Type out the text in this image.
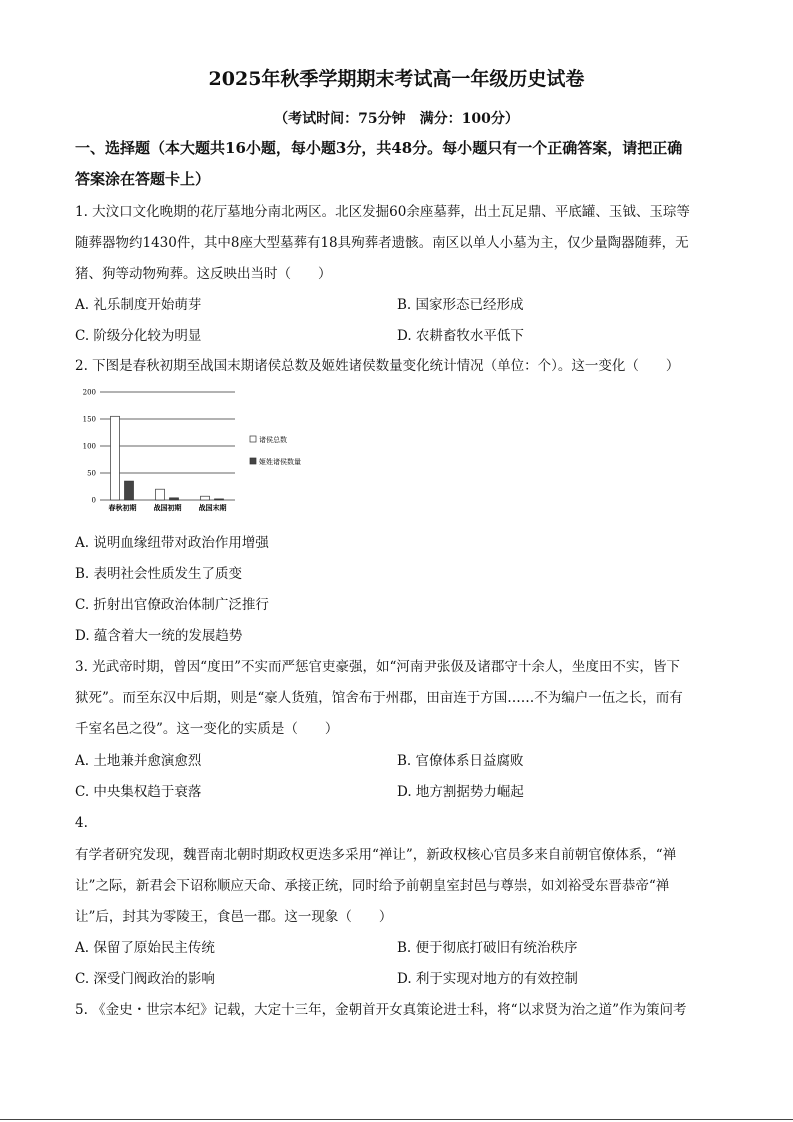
2025年秋季学期期末考试高一年级历史试卷
（考试时间：75分钟　满分：100分）
一、选择题（本大题共16小题，每小题3分，共48分。每小题只有一个正确答案，请把正确
答案涂在答题卡上）
1. 大汶口文化晚期的花厅墓地分南北两区。北区发掘60余座墓葬，出土瓦足鼎、平底罐、玉钺、玉琮等
随葬器物约1430件，其中8座大型墓葬有18具殉葬者遗骸。南区以单人小墓为主，仅少量陶器随葬，无
猪、狗等动物殉葬。这反映出当时（　　）
A. 礼乐制度开始萌芽	B. 国家形态已经形成
C. 阶级分化较为明显	D. 农耕畜牧水平低下
2. 下图是春秋初期至战国末期诸侯总数及姬姓诸侯数量变化统计情况（单位：个）。这一变化（　　）
0
50
100
150
200
春秋初期 战国初期 战国末期
诸侯总数
姬姓诸侯数量
A. 说明血缘纽带对政治作用增强
B. 表明社会性质发生了质变
C. 折射出官僚政治体制广泛推行
D. 蕴含着大一统的发展趋势
3. 光武帝时期，曾因“度田”不实而严惩官吏豪强，如“河南尹张伋及诸郡守十余人，坐度田不实，皆下
狱死”。而至东汉中后期，则是“豪人货殖，馆舍布于州郡，田亩连于方国……不为编户一伍之长，而有
千室名邑之役”。这一变化的实质是（　　）
A. 土地兼并愈演愈烈	B. 官僚体系日益腐败
C. 中央集权趋于衰落	D. 地方割据势力崛起
4.
有学者研究发现，魏晋南北朝时期政权更迭多采用“禅让”，新政权核心官员多来自前朝官僚体系，“禅
让”之际，新君会下诏称顺应天命、承接正统，同时给予前朝皇室封邑与尊崇，如刘裕受东晋恭帝“禅
让”后，封其为零陵王，食邑一郡。这一现象（　　）
A. 保留了原始民主传统	B. 便于彻底打破旧有统治秩序
C. 深受门阀政治的影响	D. 利于实现对地方的有效控制
5. 《金史・世宗本纪》记载，大定十三年，金朝首开女真策论进士科，将“以求贤为治之道”作为策问考
